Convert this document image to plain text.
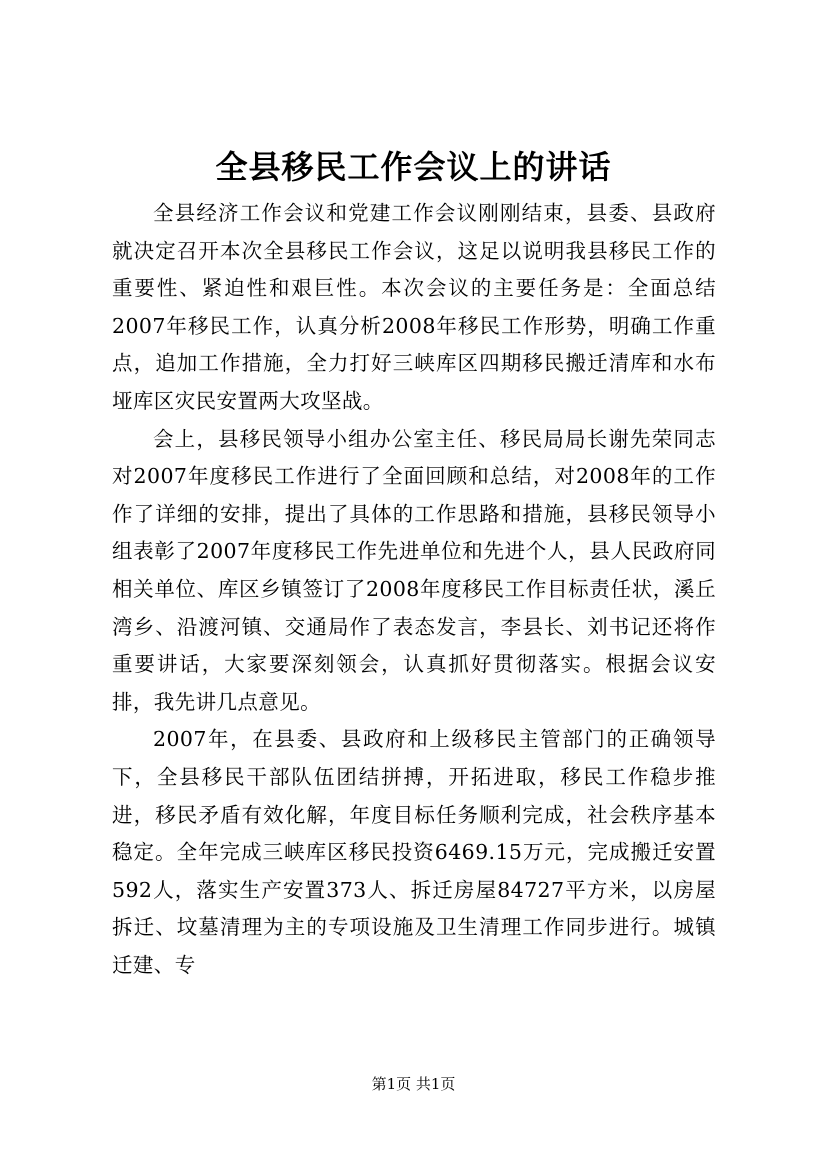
全县移民工作会议上的讲话

全县经济工作会议和党建工作会议刚刚结束，县委、县政府就决定召开本次全县移民工作会议，这足以说明我县移民工作的重要性、紧迫性和艰巨性。本次会议的主要任务是：全面总结2007年移民工作，认真分析2008年移民工作形势，明确工作重点，追加工作措施，全力打好三峡库区四期移民搬迁清库和水布垭库区灾民安置两大攻坚战。

会上，县移民领导小组办公室主任、移民局局长谢先荣同志对2007年度移民工作进行了全面回顾和总结，对2008年的工作作了详细的安排，提出了具体的工作思路和措施，县移民领导小组表彰了2007年度移民工作先进单位和先进个人，县人民政府同相关单位、库区乡镇签订了2008年度移民工作目标责任状，溪丘湾乡、沿渡河镇、交通局作了表态发言，李县长、刘书记还将作重要讲话，大家要深刻领会，认真抓好贯彻落实。根据会议安排，我先讲几点意见。

2007年，在县委、县政府和上级移民主管部门的正确领导下，全县移民干部队伍团结拼搏，开拓进取，移民工作稳步推进，移民矛盾有效化解，年度目标任务顺利完成，社会秩序基本稳定。全年完成三峡库区移民投资6469.15万元，完成搬迁安置592人，落实生产安置373人、拆迁房屋84727平方米，以房屋拆迁、坟墓清理为主的专项设施及卫生清理工作同步进行。城镇迁建、专

第1页 共1页
